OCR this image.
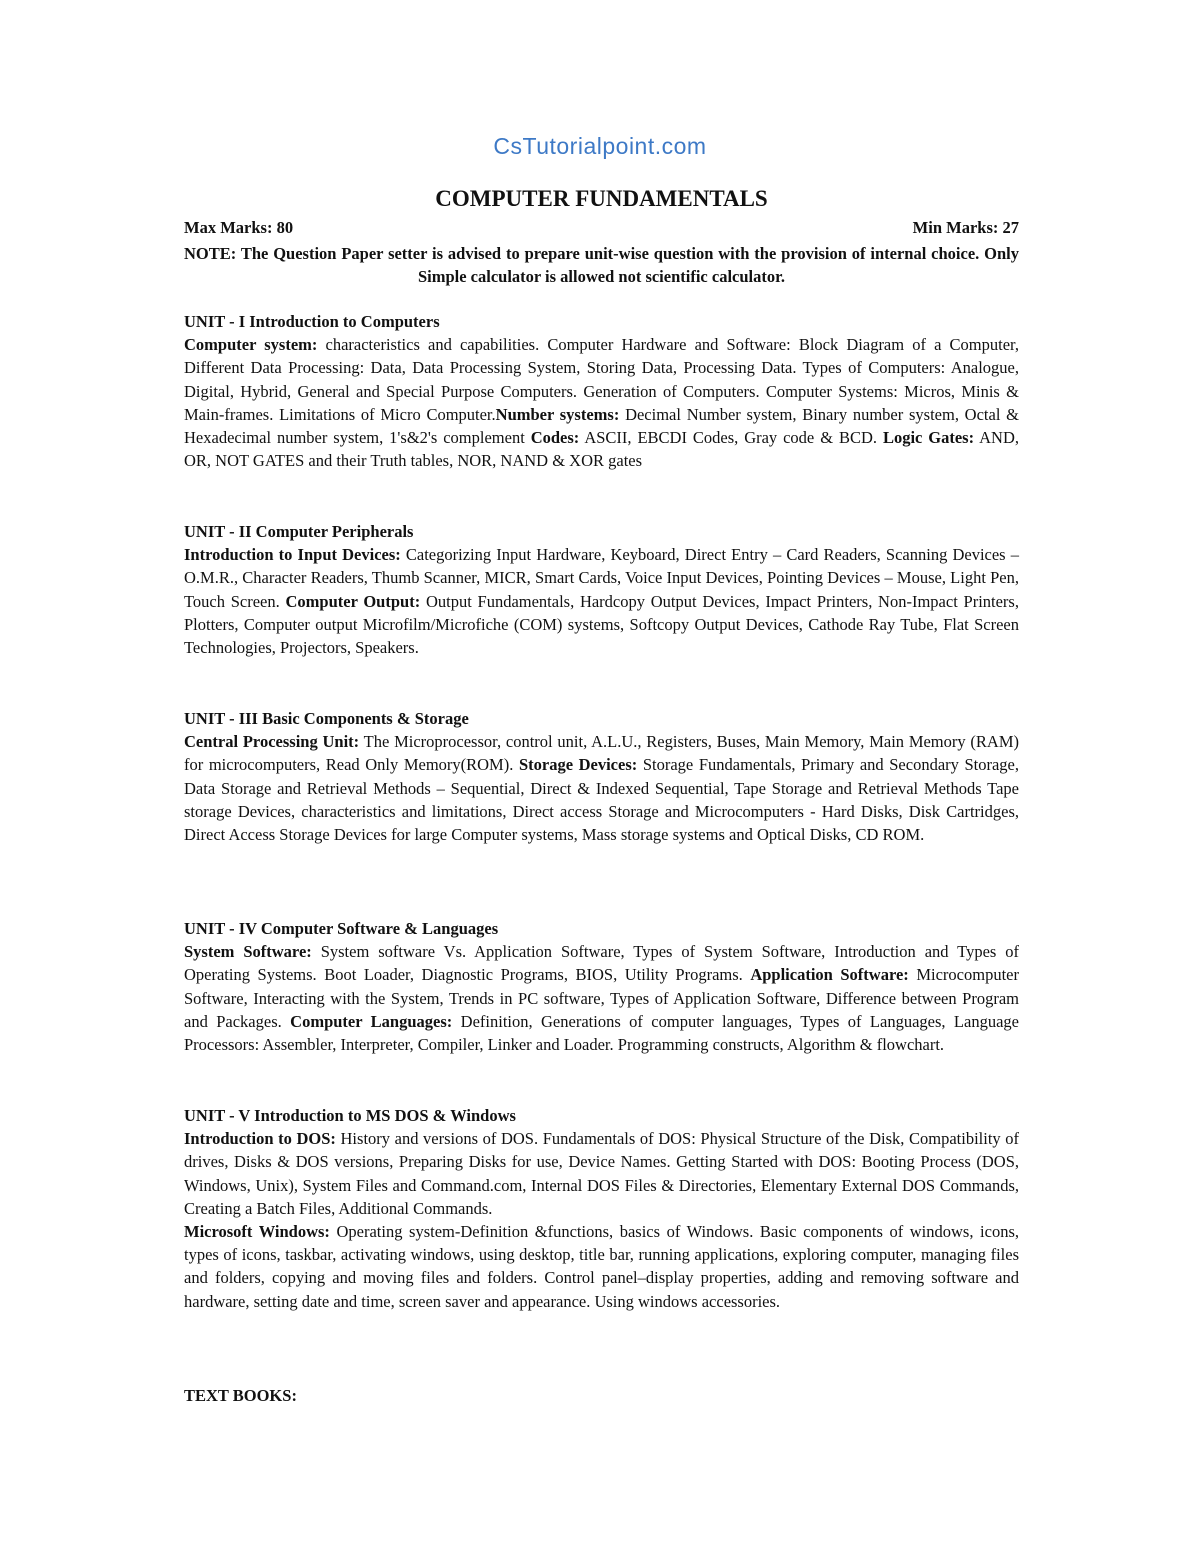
CsTutorialpoint.com
COMPUTER FUNDAMENTALS
Max Marks: 80	Min Marks: 27
NOTE: The Question Paper setter is advised to prepare unit-wise question with the provision of internal choice. Only Simple calculator is allowed not scientific calculator.
UNIT - I Introduction to Computers

Computer system: characteristics and capabilities. Computer Hardware and Software: Block Diagram of a Computer, Different Data Processing: Data, Data Processing System, Storing Data, Processing Data. Types of Computers: Analogue, Digital, Hybrid, General and Special Purpose Computers. Generation of Computers. Computer Systems: Micros, Minis & Main-frames. Limitations of Micro Computer.Number systems: Decimal Number system, Binary number system, Octal & Hexadecimal number system, 1's&2's complement Codes: ASCII, EBCDI Codes, Gray code & BCD. Logic Gates: AND, OR, NOT GATES and their Truth tables, NOR, NAND & XOR gates

UNIT - II Computer Peripherals

Introduction to Input Devices: Categorizing Input Hardware, Keyboard, Direct Entry – Card Readers, Scanning Devices – O.M.R., Character Readers, Thumb Scanner, MICR, Smart Cards, Voice Input Devices, Pointing Devices – Mouse, Light Pen, Touch Screen. Computer Output: Output Fundamentals, Hardcopy Output Devices, Impact Printers, Non-Impact Printers, Plotters, Computer output Microfilm/Microfiche (COM) systems, Softcopy Output Devices, Cathode Ray Tube, Flat Screen Technologies, Projectors, Speakers.

UNIT - III Basic Components & Storage

Central Processing Unit: The Microprocessor, control unit, A.L.U., Registers, Buses, Main Memory, Main Memory (RAM) for microcomputers, Read Only Memory(ROM). Storage Devices: Storage Fundamentals, Primary and Secondary Storage, Data Storage and Retrieval Methods – Sequential, Direct & Indexed Sequential, Tape Storage and Retrieval Methods Tape storage Devices, characteristics and limitations, Direct access Storage and Microcomputers - Hard Disks, Disk Cartridges, Direct Access Storage Devices for large Computer systems, Mass storage systems and Optical Disks, CD ROM.

UNIT - IV Computer Software & Languages

System Software: System software Vs. Application Software, Types of System Software, Introduction and Types of Operating Systems. Boot Loader, Diagnostic Programs, BIOS, Utility Programs. Application Software: Microcomputer Software, Interacting with the System, Trends in PC software, Types of Application Software, Difference between Program and Packages. Computer Languages: Definition, Generations of computer languages, Types of Languages, Language Processors: Assembler, Interpreter, Compiler, Linker and Loader. Programming constructs, Algorithm & flowchart.

UNIT - V Introduction to MS DOS & Windows

Introduction to DOS: History and versions of DOS. Fundamentals of DOS: Physical Structure of the Disk, Compatibility of drives, Disks & DOS versions, Preparing Disks for use, Device Names. Getting Started with DOS: Booting Process (DOS, Windows, Unix), System Files and Command.com, Internal DOS Files & Directories, Elementary External DOS Commands, Creating a Batch Files, Additional Commands.

Microsoft Windows: Operating system-Definition &functions, basics of Windows. Basic components of windows, icons, types of icons, taskbar, activating windows, using desktop, title bar, running applications, exploring computer, managing files and folders, copying and moving files and folders. Control panel–display properties, adding and removing software and hardware, setting date and time, screen saver and appearance. Using windows accessories.

TEXT BOOKS:
